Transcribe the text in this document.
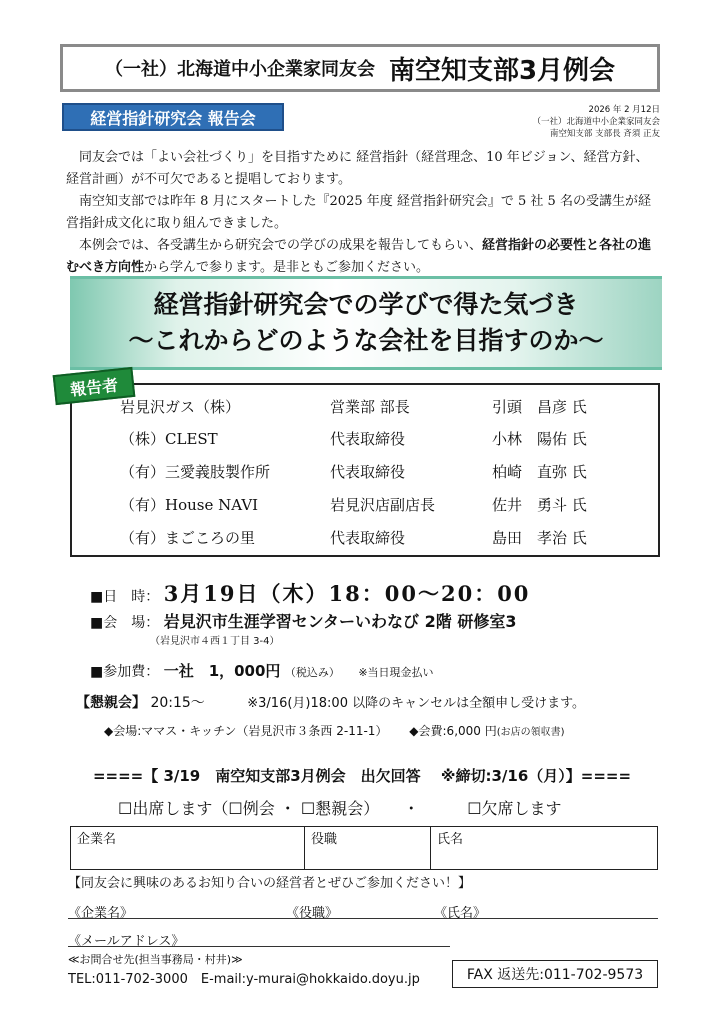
（一社）北海道中小企業家同友会 南空知支部3月例会
経営指針研究会 報告会	2026 年 2 月12日
（一社）北海道中小企業家同友会
南空知支部 支部長 斉須 正友

同友会では「よい会社づくり」を目指すために 経営指針（経営理念、10 年ビジョン、経営方針、経営計画）が不可欠であると提唱しております。

南空知支部では昨年 8 月にスタートした『2025 年度 経営指針研究会』で 5 社 5 名の受講生が経営指針成文化に取り組んできました。

本例会では、各受講生から研究会での学びの成果を報告してもらい、経営指針の必要性と各社の進むべき方向性から学んで参ります。是非ともご参加ください。

経営指針研究会での学びで得た気づき
～これからどのような会社を目指すのか～
岩見沢ガス（株）	営業部 部長	引頭　昌彦 氏
（株）CLEST	代表取締役	小林　陽佑 氏
（有）三愛義肢製作所	代表取締役	柏崎　直弥 氏
（有）House NAVI	岩見沢店副店長	佐井　勇斗 氏
（有）まごころの里	代表取締役	島田　孝治 氏
報告者
■日　時： 3月19日（木）18：00～20：00
■会　場： 岩見沢市生涯学習センターいわなび 2階 研修室3
（岩見沢市４西１丁目 3-4）
■参加費： 一社　1，000円 （税込み） ※当日現金払い
【懇親会】 20:15～	※3/16(月)18:00 以降のキャンセルは全額申し受けます。
◆会場:ママス・キッチン（岩見沢市３条西 2-11-1） ◆会費:6,000 円(お店の領収書)
====【 3/19　南空知支部3月例会　出欠回答　 ※締切:3/16（月）】====
☐出席します（☐例会 ・ ☐懇親会）　　・　　　☐欠席します
企業名	役職	氏名
【同友会に興味のあるお知り合いの経営者とぜひご参加ください！】
《企業名》	《役職》	《氏名》
《メールアドレス》
≪お問合せ先(担当事務局・村井)≫
TEL:011-702-3000　E-mail:y-murai@hokkaido.doyu.jp	FAX 返送先:011-702-9573
